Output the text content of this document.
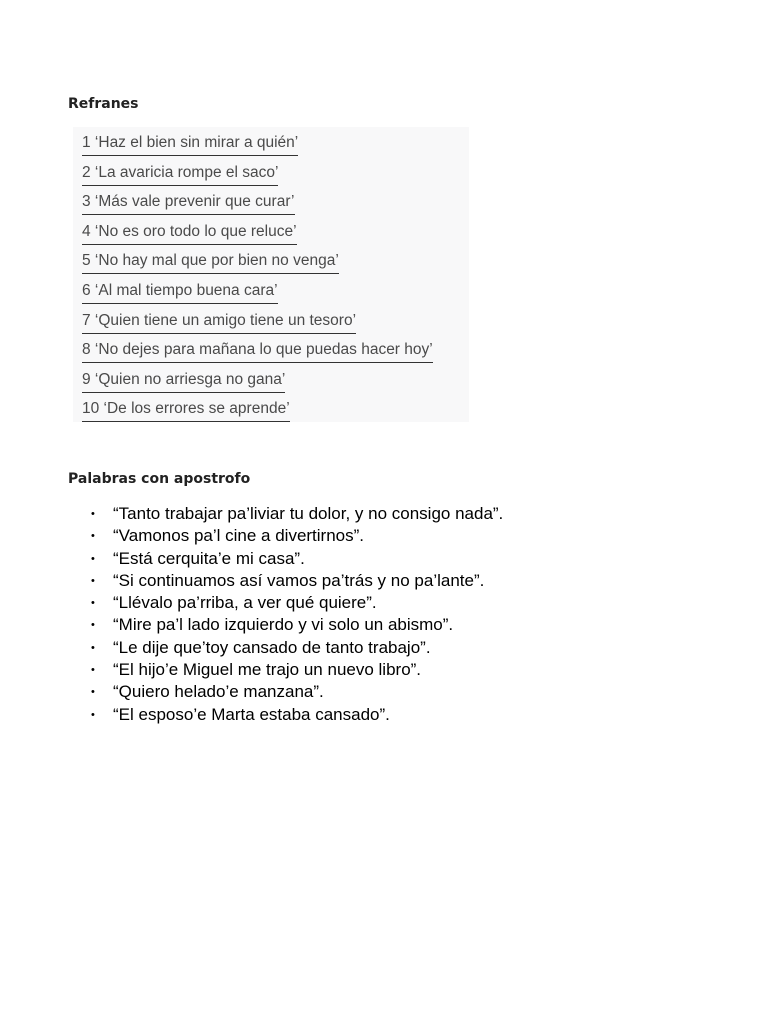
Refranes
1 ‘Haz el bien sin mirar a quién’
2 ‘La avaricia rompe el saco’
3 ‘Más vale prevenir que curar’
4 ‘No es oro todo lo que reluce’
5 ‘No hay mal que por bien no venga’
6 ‘Al mal tiempo buena cara’
7 ‘Quien tiene un amigo tiene un tesoro’
8 ‘No dejes para mañana lo que puedas hacer hoy’
9 ‘Quien no arriesga no gana’
10 ‘De los errores se aprende’
Palabras con apostrofo
• “Tanto trabajar pa’liviar tu dolor, y no consigo nada”.
• “Vamonos pa’l cine a divertirnos”.
• “Está cerquita’e mi casa”.
• “Si continuamos así vamos pa’trás y no pa’lante”.
• “Llévalo pa’rriba, a ver qué quiere”.
• “Mire pa’l lado izquierdo y vi solo un abismo”.
• “Le dije que’toy cansado de tanto trabajo”.
• “El hijo’e Miguel me trajo un nuevo libro”.
• “Quiero helado’e manzana”.
• “El esposo’e Marta estaba cansado”.
